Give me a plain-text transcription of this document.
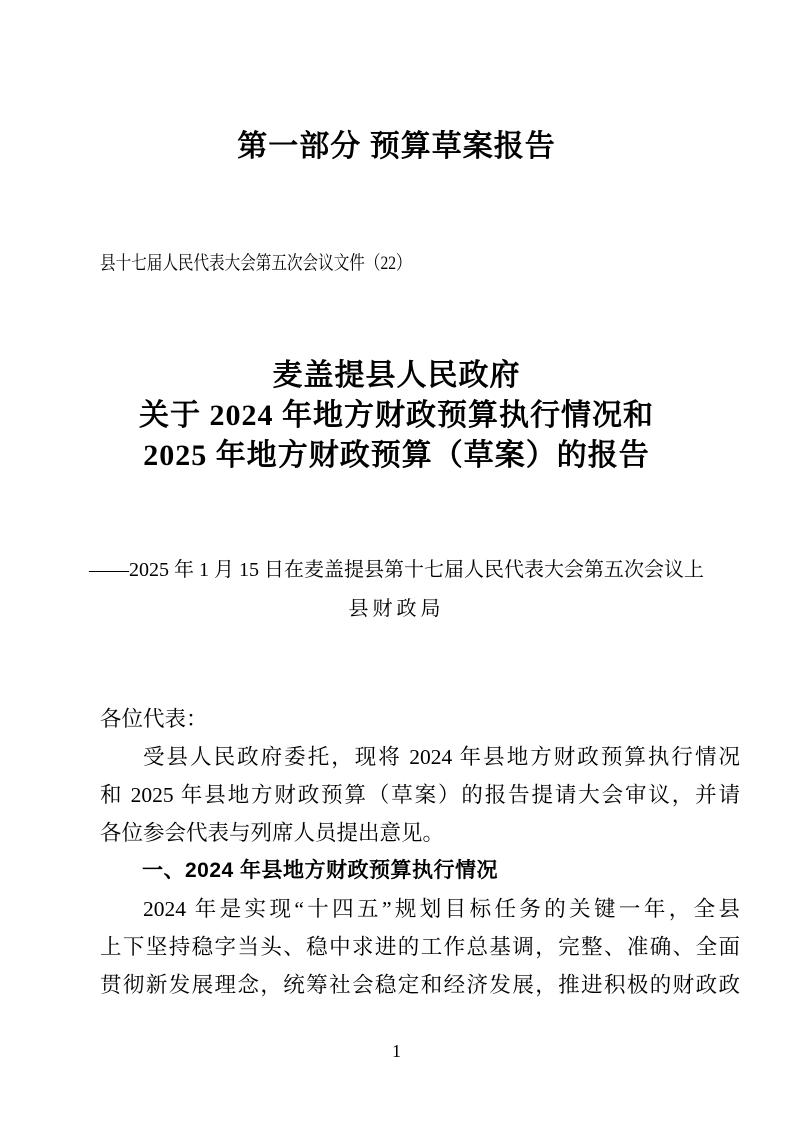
第一部分 预算草案报告
县十七届人民代表大会第五次会议文件（22）
麦盖提县人民政府
关于 2024 年地方财政预算执行情况和
2025 年地方财政预算（草案）的报告
——2025 年 1 月 15 日在麦盖提县第十七届人民代表大会第五次会议上
县财政局
各位代表：
受县人民政府委托，现将 2024 年县地方财政预算执行情况
和 2025 年县地方财政预算（草案）的报告提请大会审议，并请
各位参会代表与列席人员提出意见。
一、2024 年县地方财政预算执行情况
2024 年是实现“十四五”规划目标任务的关键一年，全县
上下坚持稳字当头、稳中求进的工作总基调，完整、准确、全面
贯彻新发展理念，统筹社会稳定和经济发展，推进积极的财政政
1
